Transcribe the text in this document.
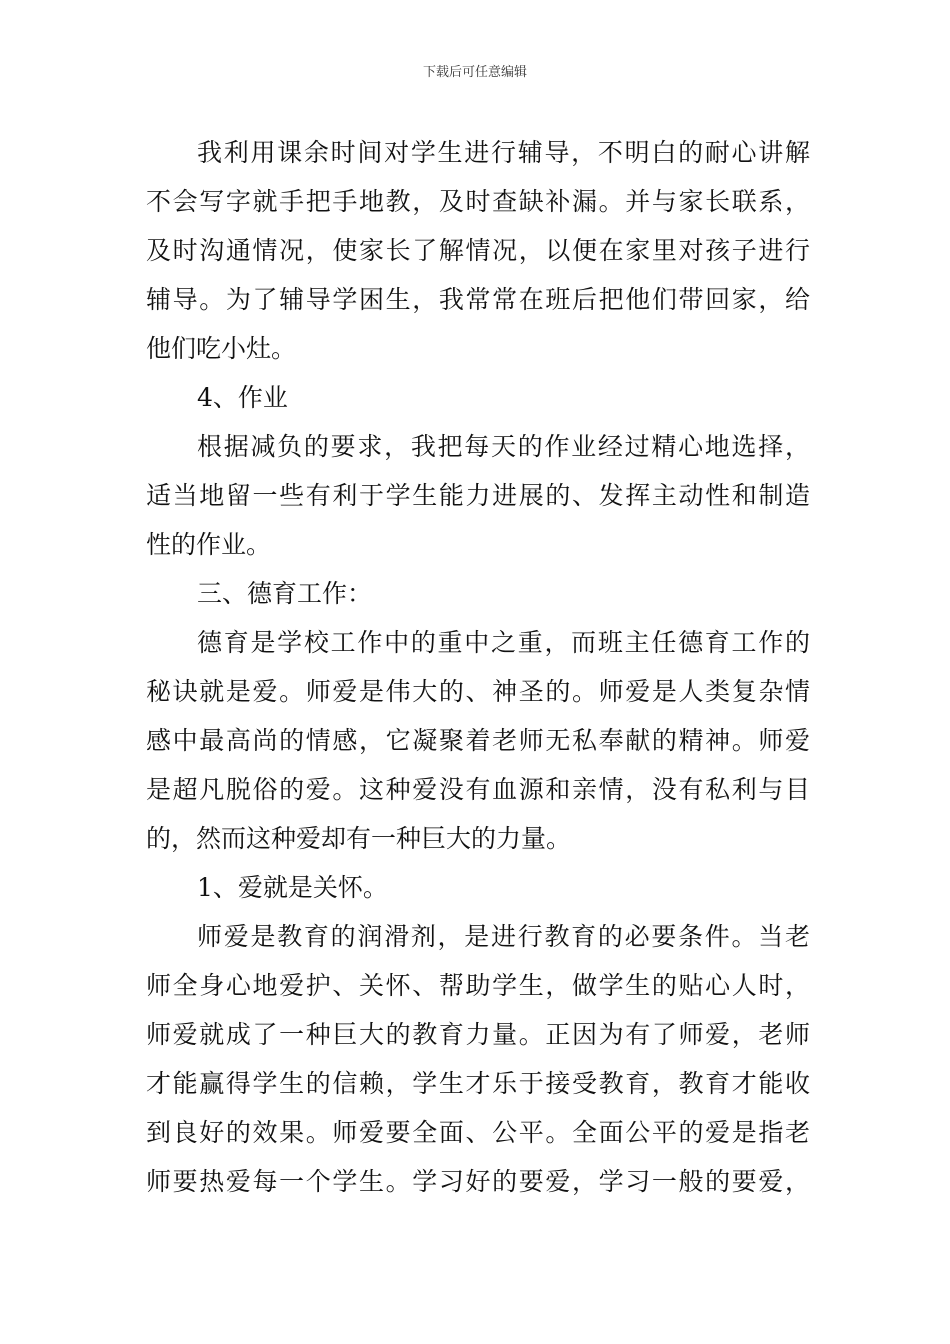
下载后可任意编辑
我利用课余时间对学生进行辅导，不明白的耐心讲解
不会写字就手把手地教，及时查缺补漏。并与家长联系，
及时沟通情况，使家长了解情况，以便在家里对孩子进行
辅导。为了辅导学困生，我常常在班后把他们带回家，给
他们吃小灶。
4、作业
根据减负的要求，我把每天的作业经过精心地选择，
适当地留一些有利于学生能力进展的、发挥主动性和制造
性的作业。
三、德育工作：
德育是学校工作中的重中之重，而班主任德育工作的
秘诀就是爱。师爱是伟大的、神圣的。师爱是人类复杂情
感中最高尚的情感，它凝聚着老师无私奉献的精神。师爱
是超凡脱俗的爱。这种爱没有血源和亲情，没有私利与目
的，然而这种爱却有一种巨大的力量。
1、爱就是关怀。
师爱是教育的润滑剂，是进行教育的必要条件。当老
师全身心地爱护、关怀、帮助学生，做学生的贴心人时，
师爱就成了一种巨大的教育力量。正因为有了师爱，老师
才能赢得学生的信赖，学生才乐于接受教育，教育才能收
到良好的效果。师爱要全面、公平。全面公平的爱是指老
师要热爱每一个学生。学习好的要爱，学习一般的要爱，
